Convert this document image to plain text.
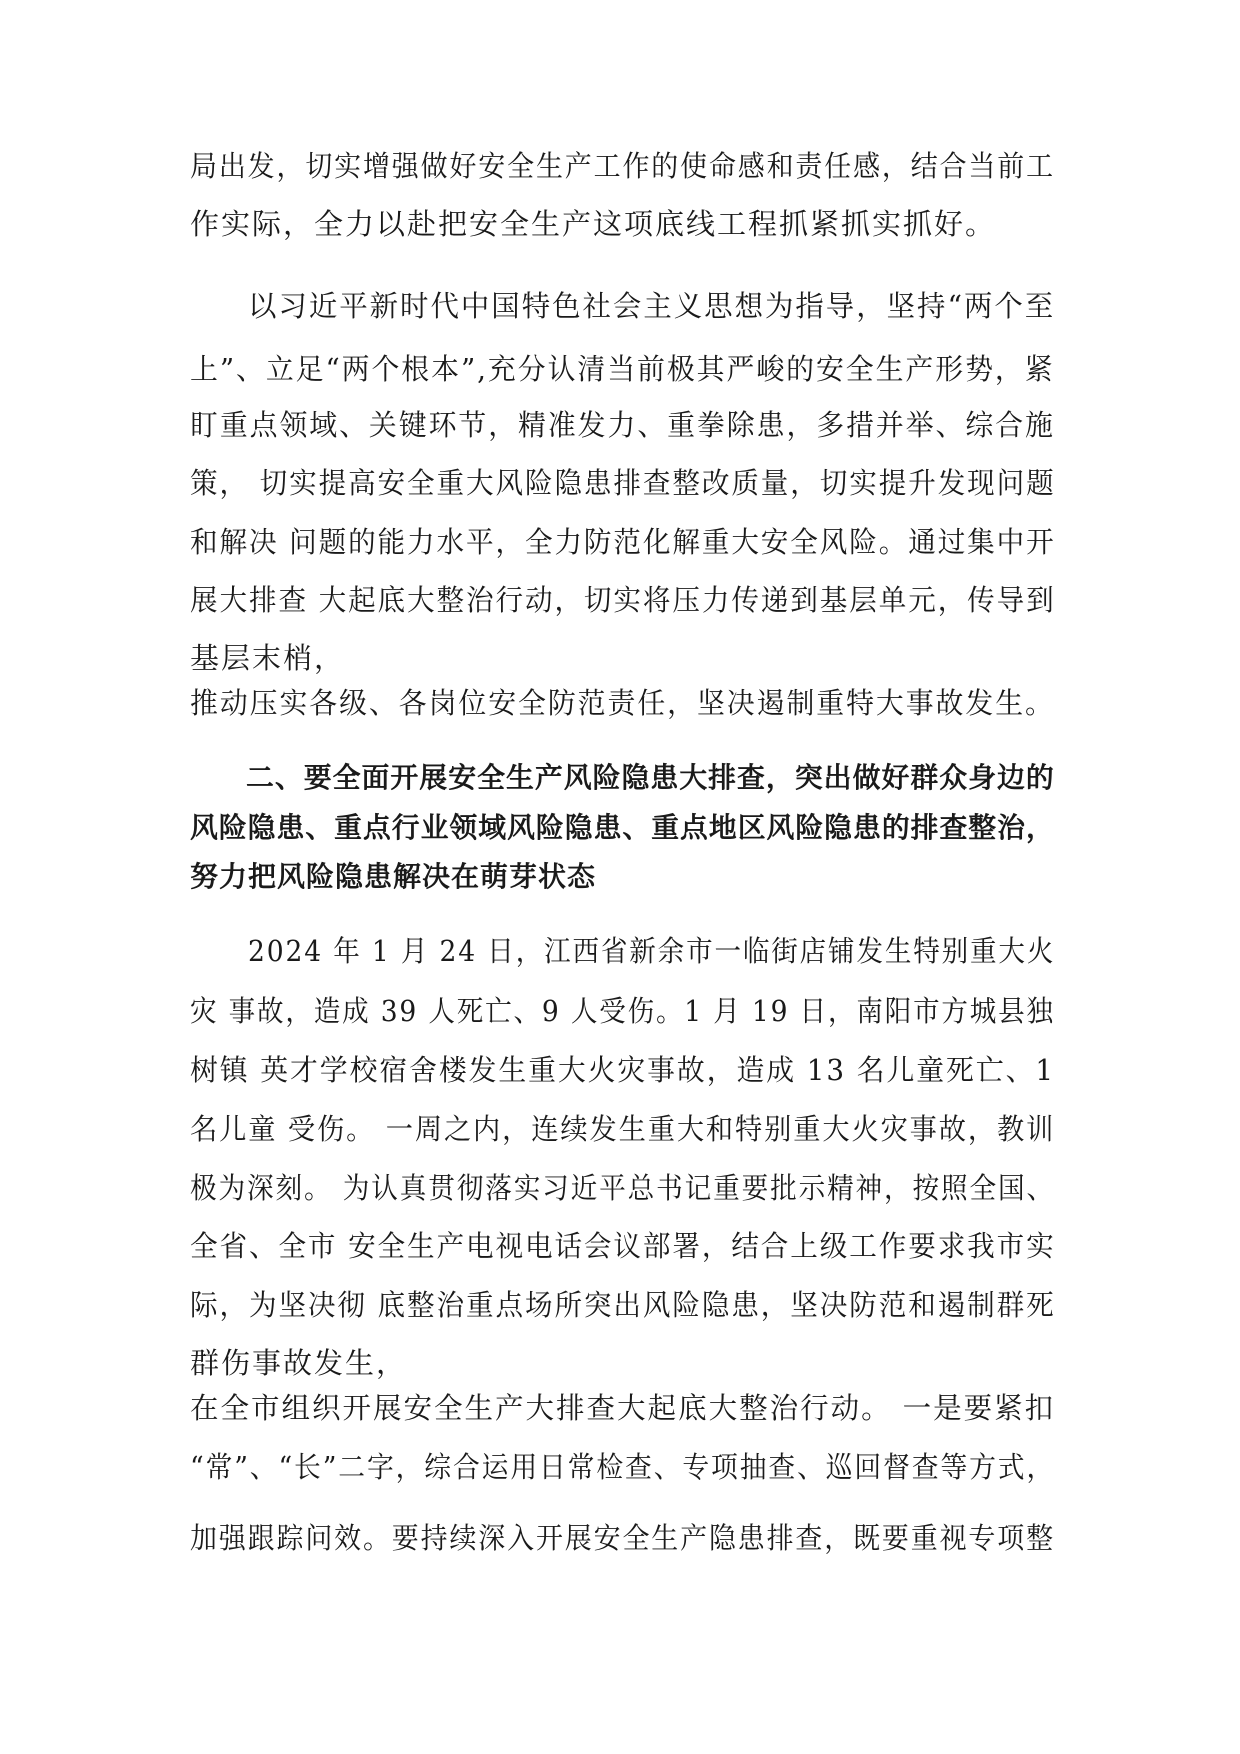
局出发，切实增强做好安全生产工作的使命感和责任感，结合当前工
作实际，全力以赴把安全生产这项底线工程抓紧抓实抓好。
以习近平新时代中国特色社会主义思想为指导，坚持“两个至
上”、立足“两个根本”,充分认清当前极其严峻的安全生产形势，紧
盯重点领域、关键环节，精准发力、重拳除患，多措并举、综合施
策， 切实提高安全重大风险隐患排查整改质量，切实提升发现问题
和解决 问题的能力水平，全力防范化解重大安全风险。通过集中开
展大排查 大起底大整治行动，切实将压力传递到基层单元，传导到
基层末梢，
推动压实各级、各岗位安全防范责任，坚决遏制重特大事故发生。
二、要全面开展安全生产风险隐患大排查，突出做好群众身边的
风险隐患、重点行业领域风险隐患、重点地区风险隐患的排查整治，
努力把风险隐患解决在萌芽状态
2024 年 1 月 24 日，江西省新余市一临街店铺发生特别重大火
灾 事故，造成 39 人死亡、9 人受伤。1 月 19 日，南阳市方城县独
树镇 英才学校宿舍楼发生重大火灾事故，造成 13 名儿童死亡、1
名儿童 受伤。 一周之内，连续发生重大和特别重大火灾事故，教训
极为深刻。 为认真贯彻落实习近平总书记重要批示精神，按照全国、
全省、全市 安全生产电视电话会议部署，结合上级工作要求我市实
际，为坚决彻 底整治重点场所突出风险隐患，坚决防范和遏制群死
群伤事故发生，
在全市组织开展安全生产大排查大起底大整治行动。 一是要紧扣
“常”、“长”二字，综合运用日常检查、专项抽查、巡回督查等方式，
加强跟踪问效。要持续深入开展安全生产隐患排查，既要重视专项整
